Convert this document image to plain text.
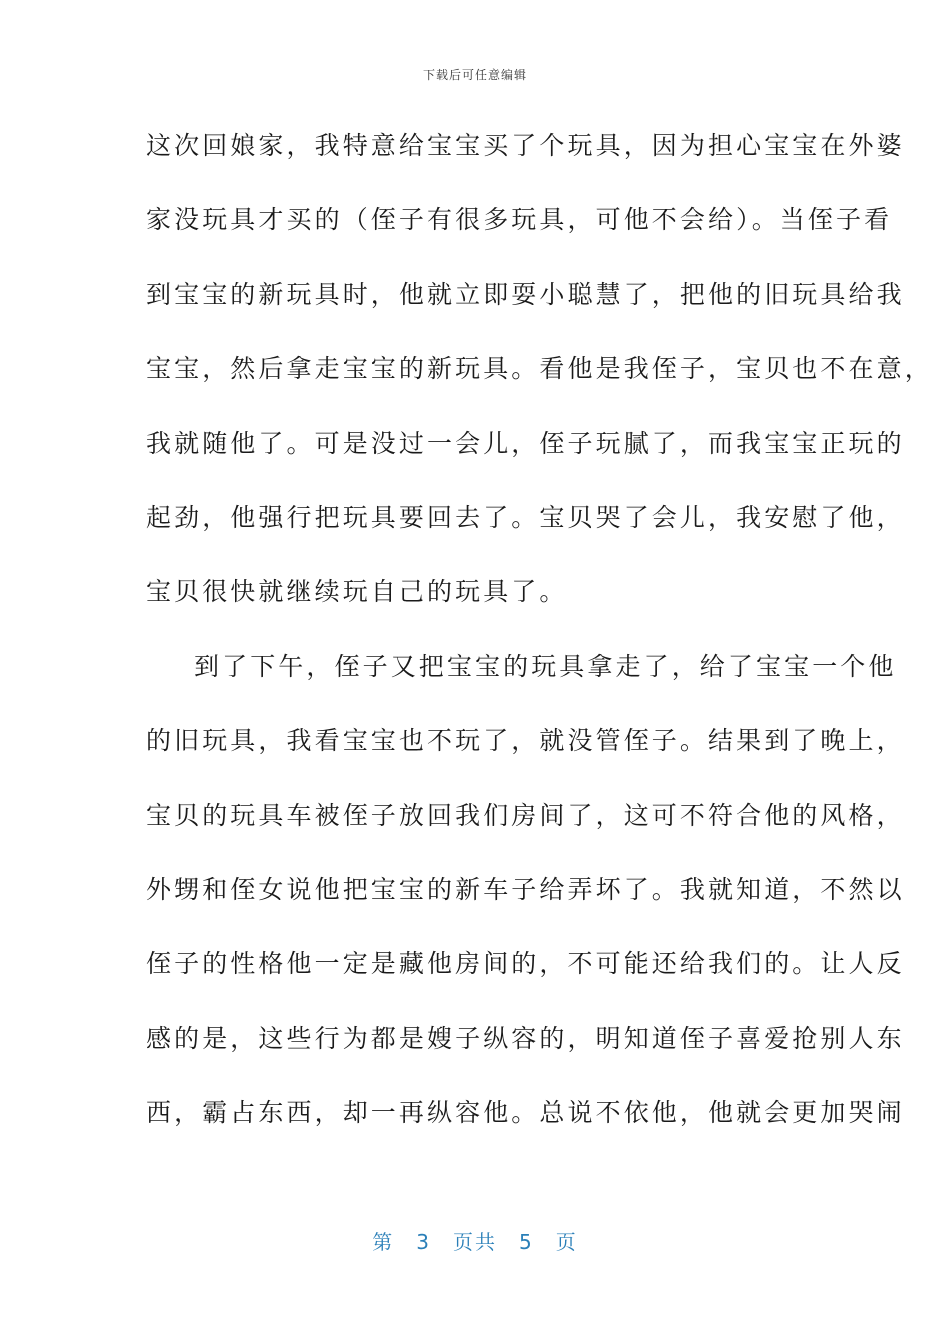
下载后可任意编辑
这次回娘家，我特意给宝宝买了个玩具，因为担心宝宝在外婆
家没玩具才买的（侄子有很多玩具，可他不会给）。当侄子看
到宝宝的新玩具时，他就立即耍小聪慧了，把他的旧玩具给我
宝宝，然后拿走宝宝的新玩具。看他是我侄子，宝贝也不在意，
我就随他了。可是没过一会儿，侄子玩腻了，而我宝宝正玩的
起劲，他强行把玩具要回去了。宝贝哭了会儿，我安慰了他，
宝贝很快就继续玩自己的玩具了。
到了下午，侄子又把宝宝的玩具拿走了，给了宝宝一个他
的旧玩具，我看宝宝也不玩了，就没管侄子。结果到了晚上，
宝贝的玩具车被侄子放回我们房间了，这可不符合他的风格，
外甥和侄女说他把宝宝的新车子给弄坏了。我就知道，不然以
侄子的性格他一定是藏他房间的，不可能还给我们的。让人反
感的是，这些行为都是嫂子纵容的，明知道侄子喜爱抢别人东
西，霸占东西，却一再纵容他。总说不依他，他就会更加哭闹
第 3 页共 5 页
